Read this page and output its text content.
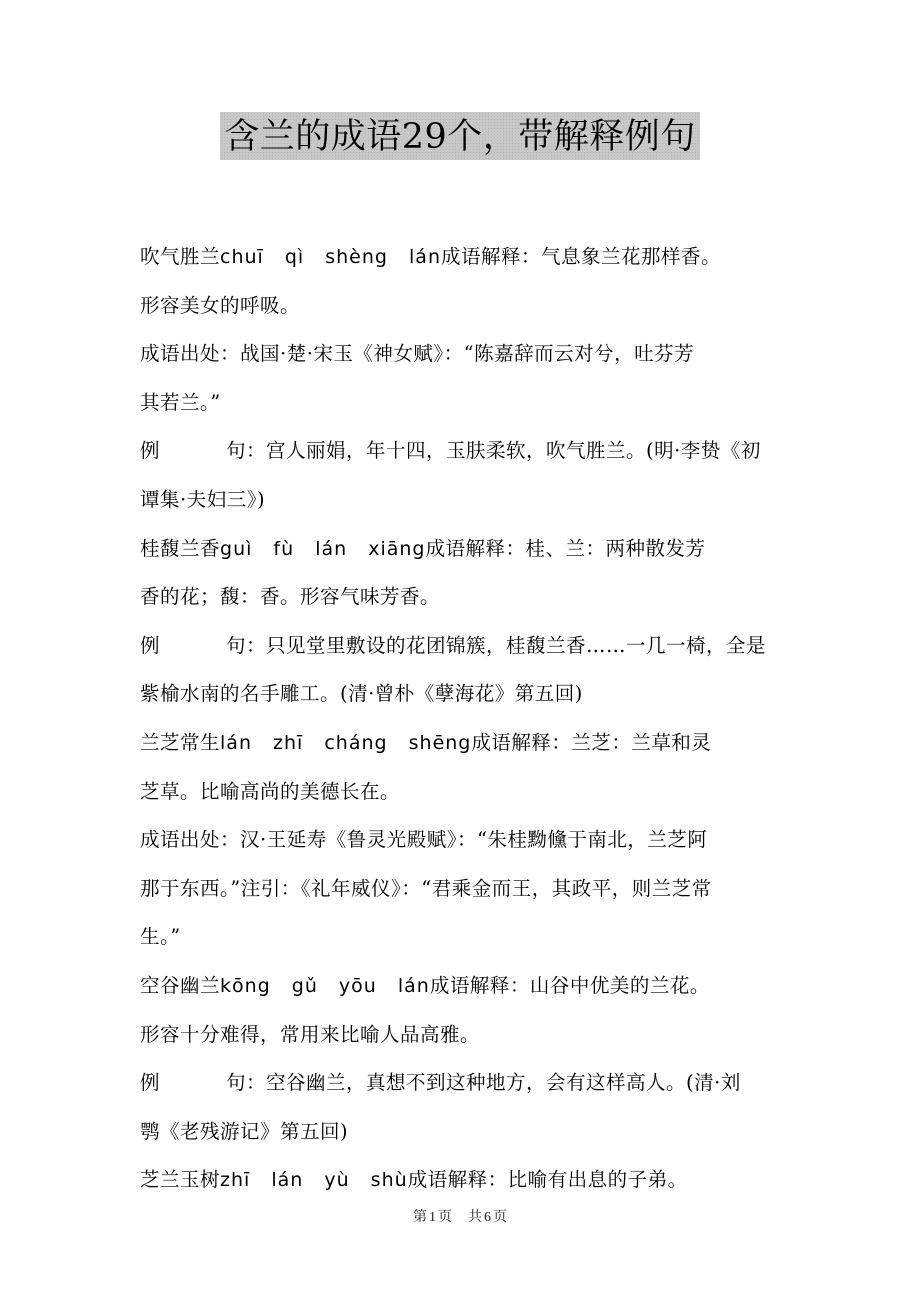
含兰的成语29个，带解释例句
吹气胜兰chuī qì shèng lán成语解释：气息象兰花那样香。
形容美女的呼吸。
成语出处：战国·楚·宋玉《神女赋》：“陈嘉辞而云对兮，吐芬芳
其若兰。”
例	句：宫人丽娟，年十四，玉肤柔软，吹气胜兰。(明·李贽《初
谭集·夫妇三》)
桂馥兰香guì fù lán xiāng成语解释：桂、兰：两种散发芳
香的花；馥：香。形容气味芳香。
例	句：只见堂里敷设的花团锦簇，桂馥兰香……一几一椅，全是
紫榆水南的名手雕工。(清·曾朴《孽海花》第五回)
兰芝常生lán zhī cháng shēng成语解释：兰芝：兰草和灵
芝草。比喻高尚的美德长在。
成语出处：汉·王延寿《鲁灵光殿赋》：“朱桂黝儵于南北，兰芝阿
那于东西。”注引：《礼年威仪》：“君乘金而王，其政平，则兰芝常
生。”
空谷幽兰kōng gǔ yōu lán成语解释：山谷中优美的兰花。
形容十分难得，常用来比喻人品高雅。
例	句：空谷幽兰，真想不到这种地方，会有这样高人。(清·刘
鹗《老残游记》第五回)
芝兰玉树zhī lán yù shù成语解释：比喻有出息的子弟。
第 1 页 共 6 页
